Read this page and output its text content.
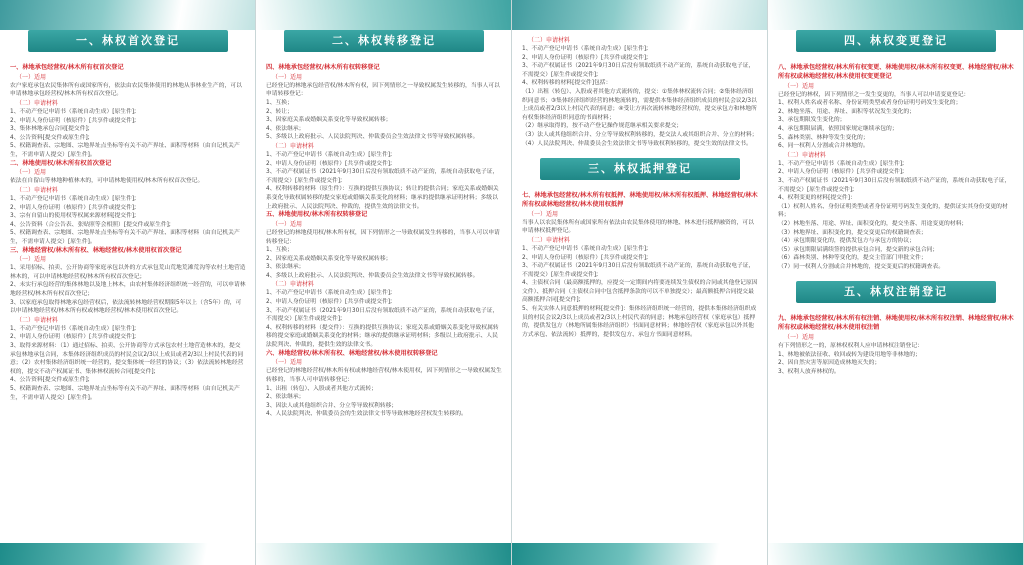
一、林权首次登记
一、林地承包经营权/林木所有权首次登记
（一）适用
农户家庭承包农民集体所有或国家所有，依法由农民集体使用的林地从事林业生产的，可以申请林地承包经营权/林木所有权首次登记。
（二）申请材料
1、不动产登记申请书（系统自动生成）[原生件];
2、申请人身份证明（核原件）[共享件或提交件];
3、集体林地承包合同[提交件];
4、公告资料[提交件或原生件];
5、权籍调查表、宗地图、宗地界址点坐标等有关不动产界址、面积等材料（由自记机关产生，不需申请人提交）[原生件]。
二、林地使用权/林木所有权首次登记
（一）适用
依法在自留山等林地种植林木的，可申请林地使用权/林木所有权首次登记。
（二）申请材料
1、不动产登记申请书（系统自动生成）[原生件];
2、申请人身份证明（核原件）[共享件或提交件];
3、宗有自留山的使用权等权属来源材料[提交件];
4、公告资料（合公告表、张贴照等会相照）[提交件或原生件];
5、权籍调查表、宗地图、宗地界址点坐标等有关不动产界址、面积等材料（由自记机关产生，不需申请人提交）[原生件]。
三、林地经营权/林木所有权、林地经营权/林木使用权首次登记
（一）适用
1、采用招标、拍卖、公开协商等家庭承包以外的方式承包荒山荒地荒滩荒沟等农村土地营造林木的，可以申请林地经营权/林木所有权首次登记；
2、未实行承包经营的集体林地以及地上林木，由农村集体经济组织统一经营的，可以申请林地经营权/林木所有权首次登记；
3、以家庭承包取得林地承包经营权后，依法流转林地经营权期限5年以上（含5年）的，可以申请林地经营权/林木所有权或林地经营权/林木使用权首次登记。
（二）申请材料
1、不动产登记申请书（系统自动生成）[原生件];
2、申请人身份证明（核原件）[共享件或提交件];
3、取得来源材料：（1）通过招标、拍卖、公开协商等方式承包农村土地营造林木的，提交承包林地承包合同，本集体经济组织成员的村民会议2/3以上成员或者2/3以上村民代表的同意；（2）农村集体经济组织统一经营的，提交集体统一经营的协议；（3）依法流转林地经营权的，提交不动产权属证书、集体林权流转合同[提交件];
4、公告资料[提交件或原生件];
5、权籍调查表、宗地图、宗地界址点坐标等有关不动产界址、面积等材料（由自记机关产生，不需申请人提交）[原生件]。
二、林权转移登记
四、林地承包经营权/林木所有权转移登记
（一）适用
已经登记的林地承包经营权/林木所有权，因下列情形之一导致权属发生转移的，当事人可以申请转移登记：
1、互换；
2、转让；
3、因家庭关系或婚姻关系变化等导致权属转移；
4、依法继承；
5、多级以上政府批示、人民法院判决、仲裁委员会生效法律文书等导致权属转移。
（二）申请材料
1、不动产登记申请书（系统自动生成）[原生件];
2、申请人身份证明（核原件）[共享件或提交件];
3、不动产权属证书（2021年9月30日后没有领取纸质不动产证的，系统自动获取电子证，不需提交）[原生件或提交件];
4、权利转移的材料（原生件）：互换的提供互换协议；转让的提供合同；家庭关系或婚姻关系变化导致权属转移的提交家庭或婚姻关系变化的材料；继承的提供继承证明材料；多级以上政府批示、人民法院判决、仲裁的，提供生效的法律文书。
五、林地使用权/林木所有权转移登记
（一）适用
已经登记的林地使用权/林木所有权，因下列情形之一导致权属发生转移的，当事人可以申请转移登记：
1、互换；
2、因家庭关系或婚姻关系变化等导致权属转移；
3、依法继承；
4、多级以上政府批示、人民法院判决、仲裁委员会生效法律文书等导致权属转移。
（二）申请材料
1、不动产登记申请书（系统自动生成）[原生件];
2、申请人身份证明（核原件）[共享件或提交件];
3、不动产权属证书（2021年9月30日后没有领取纸质不动产证的，系统自动获取电子证，不需提交）[原生件或提交件];
4、权利转移的材料（提交件）：互换的提供互换协议；家庭关系或婚姻关系变化导致权属转移的提交家庭或婚姻关系变化的材料；继承的提供继承证明材料；多级以上政府批示、人民法院判决、仲裁的，提供生效的法律文书。
六、林地经营权/林木所有权、林地经营权/林木使用权转移登记
（一）适用
已经登记的林地经营权/林木所有权或林地经营权/林木使用权，因下列情形之一导致权属发生转移的，当事人可申请转移登记：
1、出租（转包）、入股或者其他方式流转；
2、依法继承；
3、因法人或其他组织合并、分立等导致权利转移；
4、人民法院判决、仲裁委员会的生效法律文书等导致林地经营权发生转移的。
（二）申请材料
1、不动产登记申请书（系统自动生成）[原生件];
2、申请人身份证明（核原件）[共享件或提交件];
3、不动产权属证书（2021年9月30日后没有领取纸质不动产证的，系统自动获取电子证，不需提交）[原生件或提交件];
4、权利转移的材料[提交件]包括：
（1）出租（转包）、入股或者其他方式流转的，提交：①集体林权流转合同；②集体经济组织同意书；③集体经济组织经营的林地流转的，需提供本集体经济组织成员的村民会议2/3以上成员或者2/3以上村民代表的同意；④受让方再次流转林地经营权的，提交承包方和林地所有权集体经济组织同意的书面材料；
（2）继承取得的，按不动产登记操作规范继承相关要求提交；
（3）法人或其他组织合并、分立等导致权利转移的，提交法人或其组织合并、分立的材料；
（4）人民法院判决、仲裁委员会生效法律文书等导致权利转移的，提交生效的法律文书。
三、林权抵押登记
七、林地承包经营权/林木所有权抵押、林地使用权/林木所有权抵押、林地经营权/林木所有权或林地经营权/林木使用权抵押
（一）适用
当事人以农民集体所有或国家所有依法由农民集体使用的林地、林木进行抵押融资的，可以申请林权抵押登记。
（二）申请材料
1、不动产登记申请书（系统自动生成）[原生件];
2、申请人身份证明（核原件）[共享件或提交件];
3、不动产权属证书（2021年9月30日后没有领取纸质不动产证的，系统自动获取电子证，不需提交）[原生件或提交件];
4、主债权合同（最高额抵押的，应提交一定期间内将要连续发生债权的合同或其他登记原因文件）、抵押合同（主债权合同中包含抵押条款的可以不单独提交）；最高额抵押合同提交最高额抵押合同[提交件];
5、有关实体人同意抵押的材料[提交件]：集体经济组织统一经营的，提供本集体经济组织成员的村民会议2/3以上成员或者2/3以上村民代表的同意；林地承包经营权（家庭承包）抵押的，提供发包方（林地所属集体经济组织）书面同意材料；林地经营权（家庭承包以外其他方式承包、依法流转）抵押的，提供发包方、承包方书面同意材料。
四、林权变更登记
八、林地承包经营权/林木所有权变更、林地使用权/林木所有权变更、林地经营权/林木所有权或林地经营权/林木使用权变更登记
（一）适用
已经登记的林权，因下列情形之一发生变更的，当事人可以申请变更登记：
1、权利人姓名或者名称、身份证明类型或者身份证明号码发生变化的；
2、林地坐落、用途、界址、面积等状况发生变化的；
3、承包期限发生变化的；
4、承包期限届满，依照国家规定继续承包的；
5、森林类别、林种等发生变化的；
6、同一权利人分割或合并林地的。
（二）申请材料
1、不动产登记申请书（系统自动生成）[原生件];
2、申请人身份证明（核原件）[共享件或提交件];
3、不动产权属证书（2021年9月30日后没有领取纸质不动产证的，系统自动获取电子证，不需提交）[原生件或提交件];
4、权利变更的材料[提交件]：
（1）权利人姓名、身份证明类型或者身份证明号码发生变化的，提供证实其身份变更的材料；
（2）林地坐落、用途、界址、面积变化的，提交坐落、用途变更的材料；
（3）林地界址、面积变化的，提交变更后的权籍调查表；
（4）承包期限变化的，提供发包方与承包方的协议；
（5）承包期限届满续签的提供承包合同，提交新的承包合同；
（6）森林类别、林种等变化的，提交主管部门审批文件；
（7）同一权利人分割或合并林地的，提交变更后的权籍调查表。
五、林权注销登记
九、林地承包经营权/林木所有权注销、林地使用权/林木所有权注销、林地经营权/林木所有权或林地经营权/林木使用权注销
（一）适用
有下列情形之一的，原林权权利人应申请林权注销登记：
1、林地被依法征收、收回或转为建设用地等非林地的；
2、因自然灾害等原因造成林地灭失的；
3、权利人放弃林权的。
